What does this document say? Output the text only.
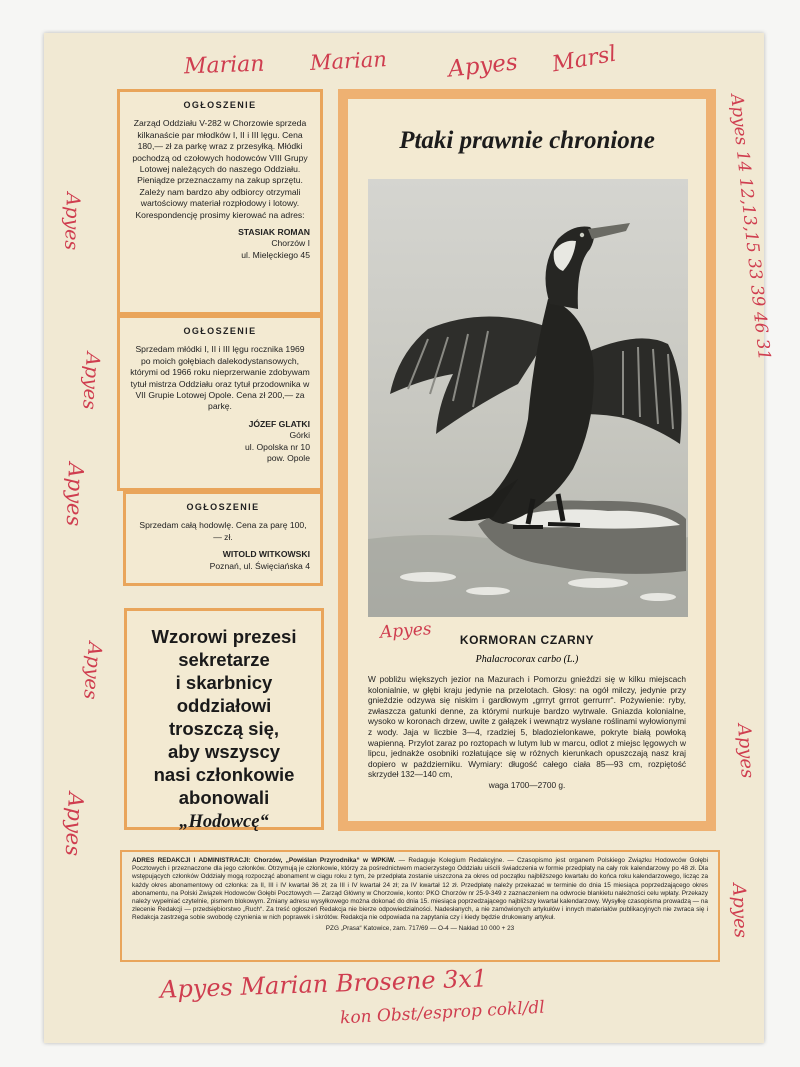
OGŁOSZENIE

Zarząd Oddziału V-282 w Chorzowie sprzeda kilkanaście par młodków I, II i III lęgu. Cena 180,— zł za parkę wraz z przesyłką. Młódki pochodzą od czołowych hodowców VIII Grupy Lotowej należących do naszego Oddziału. Pieniądze przeznaczamy na zakup sprzętu. Zależy nam bardzo aby odbiorcy otrzymali wartościowy materiał rozpłodowy i lotowy. Korespondencję prosimy kierować na adres:

STASIAK ROMAN
Chorzów I
ul. Mielęckiego 45
OGŁOSZENIE

Sprzedam młódki I, II i III lęgu rocznika 1969 po moich gołębiach dalekodystansowych, którymi od 1966 roku nieprzerwanie zdobywam tytuł mistrza Oddziału oraz tytuł przodownika w VII Grupie Lotowej Opole. Cena zł 200,— za parkę.

JÓZEF GLATKI
Górki
ul. Opolska nr 10
pow. Opole
OGŁOSZENIE

Sprzedam całą hodowlę. Cena za parę 100,— zł.

WITOLD WITKOWSKI
Poznań, ul. Święciańska 4
Wzorowi prezesi
sekretarze
i skarbnicy
oddziałowi
troszczą się,
aby wszyscy
nasi członkowie
abonowali
„Hodowcę“
Ptaki prawnie chronione
KORMORAN CZARNY
Phalacrocorax carbo (L.)
W pobliżu większych jezior na Mazurach i Pomorzu gnieździ się w kilku miejscach kolonialnie, w głębi kraju jedynie na przelotach. Głosy: na ogół milczy, jedynie przy gnieździe odzywa się niskim i gardłowym „grrryt grrrot gerrurrr“. Pożywienie: ryby, zwłaszcza gatunki denne, za którymi nurkuje bardzo wytrwale. Gniazda kolonialne, wysoko w koronach drzew, uwite z gałązek i wewnątrz wysłane roślinami wyłowionymi z wody. Jaja w liczbie 3—4, rzadziej 5, bladozielonkawe, pokryte białą powłoką wapienną. Przylot zaraz po roztopach w lutym lub w marcu, odlot z miejsc lęgowych w lipcu, jednakże osobniki rozłatujące się w różnych kierunkach opuszczają nasz kraj dopiero w październiku. Wymiary: długość całego ciała 85—93 cm, rozpiętość skrzydeł 132—140 cm,
waga 1700—2700 g.
ADRES REDAKCJI I ADMINISTRACJI: Chorzów, „Powiślan Przyrodnika“ w WPKiW. — Redaguje Kolegium Redakcyjne. — Czasopismo jest organem Polskiego Związku Hodowców Gołębi Pocztowych i przeznaczone dla jego członków. Otrzymują je członkowie, którzy za pośrednictwem macierzystego Oddziału uiścili świadczenia w formie przedpłaty na cały rok kalendarzowy po 48 zł. Dla wstępujących członków Oddziały mogą rozpocząć abonament w ciągu roku z tym, że przedpłata zostanie uiszczona za okres od początku najbliższego kwartału do końca roku kalendarzowego, licząc za każdy okres abonamentowy od członka: za II, III i IV kwartał 36 zł; za III i IV kwartał 24 zł; za IV kwartał 12 zł. Przedpłatę należy przekazać w terminie do dnia 15 miesiąca poprzedzającego okres abonamentu, na Polski Związek Hodowców Gołębi Pocztowych — Zarząd Główny w Chorzowie, konto: PKO Chorzów nr 25-9-349 z zaznaczeniem na odwrocie blankietu należności celu wpłaty. Przekazy należy wypełniać czytelnie, pismem blokowym. Zmiany adresu wysyłkowego można dokonać do dnia 15. miesiąca poprzedzającego najbliższy kwartał kalendarzowy. Wysyłkę czasopisma prowadzą — na zlecenie Redakcji — przedsiębiorstwo „Ruch“. Za treść ogłoszeń Redakcja nie bierze odpowiedzialności. Nadesłanych, a nie zamówionych artykułów i innych materiałów publikacyjnych nie zwraca się i Redakcja zastrzega sobie swobodę czynienia w nich poprawek i skrótów. Redakcja nie odpowiada na zapytania czy i kiedy będzie drukowany artykuł.
PZG „Prasa“ Katowice, zam. 717/69 — O-4 — Nakład 10 000 + 23
Marian Marian	Apyes Marsl
Apyes
Apyes
Apyes
Apyes
Apyes
Apyes
Apyes 14 12,13,15 33 39 46 31
Apyes
Apyes
Apyes Marian Brosene 3x1
kon Obst/esprop cokl/dl
